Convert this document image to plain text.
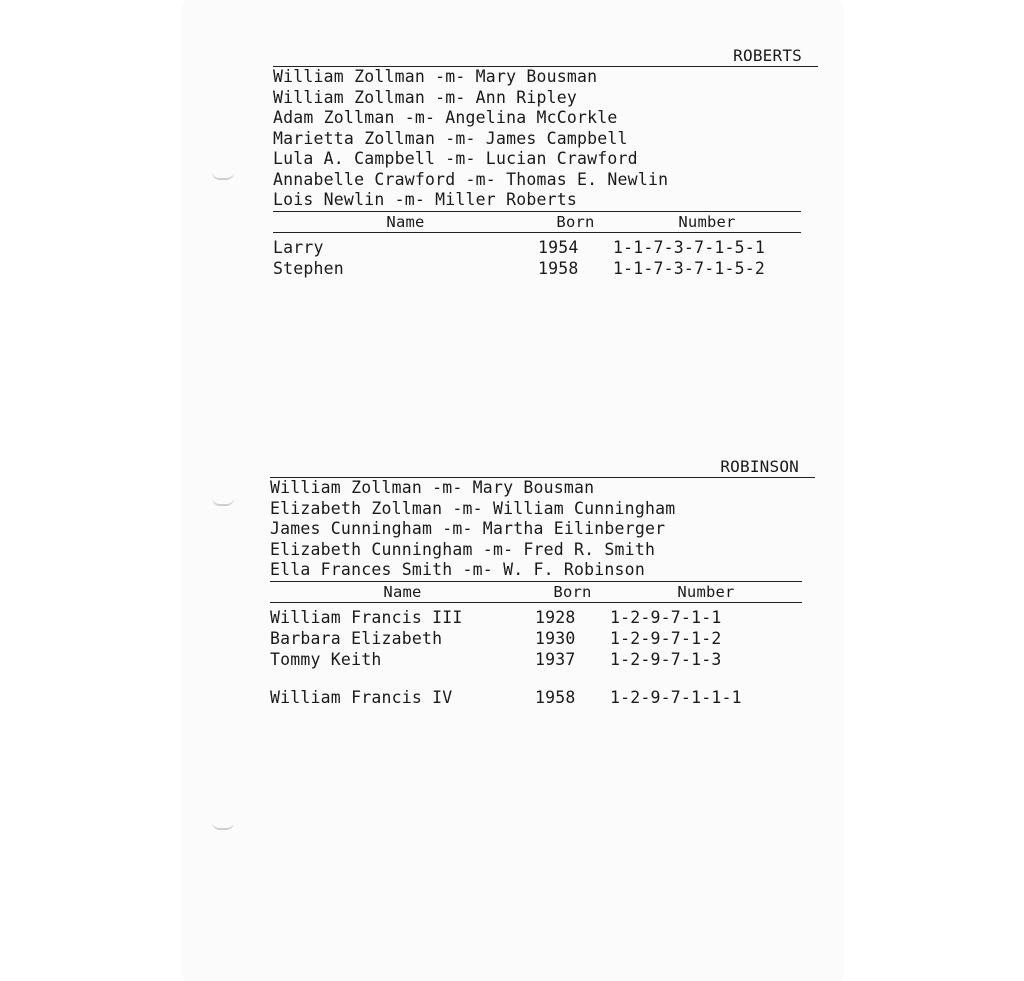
ROBERTS
William Zollman -m- Mary Bousman
William Zollman -m- Ann Ripley
Adam Zollman -m- Angelina McCorkle
Marietta Zollman -m- James Campbell
Lula A. Campbell -m- Lucian Crawford
Annabelle Crawford -m- Thomas E. Newlin
Lois Newlin -m- Miller Roberts
Name	Born	Number
Larry	1954	1-1-7-3-7-1-5-1
Stephen	1958	1-1-7-3-7-1-5-2
ROBINSON
William Zollman -m- Mary Bousman
Elizabeth Zollman -m- William Cunningham
James Cunningham -m- Martha Eilinberger
Elizabeth Cunningham -m- Fred R. Smith
Ella Frances Smith -m- W. F. Robinson
Name	Born	Number
William Francis III	1928	1-2-9-7-1-1
Barbara Elizabeth	1930	1-2-9-7-1-2
Tommy Keith	1937	1-2-9-7-1-3
William Francis IV	1958	1-2-9-7-1-1-1
